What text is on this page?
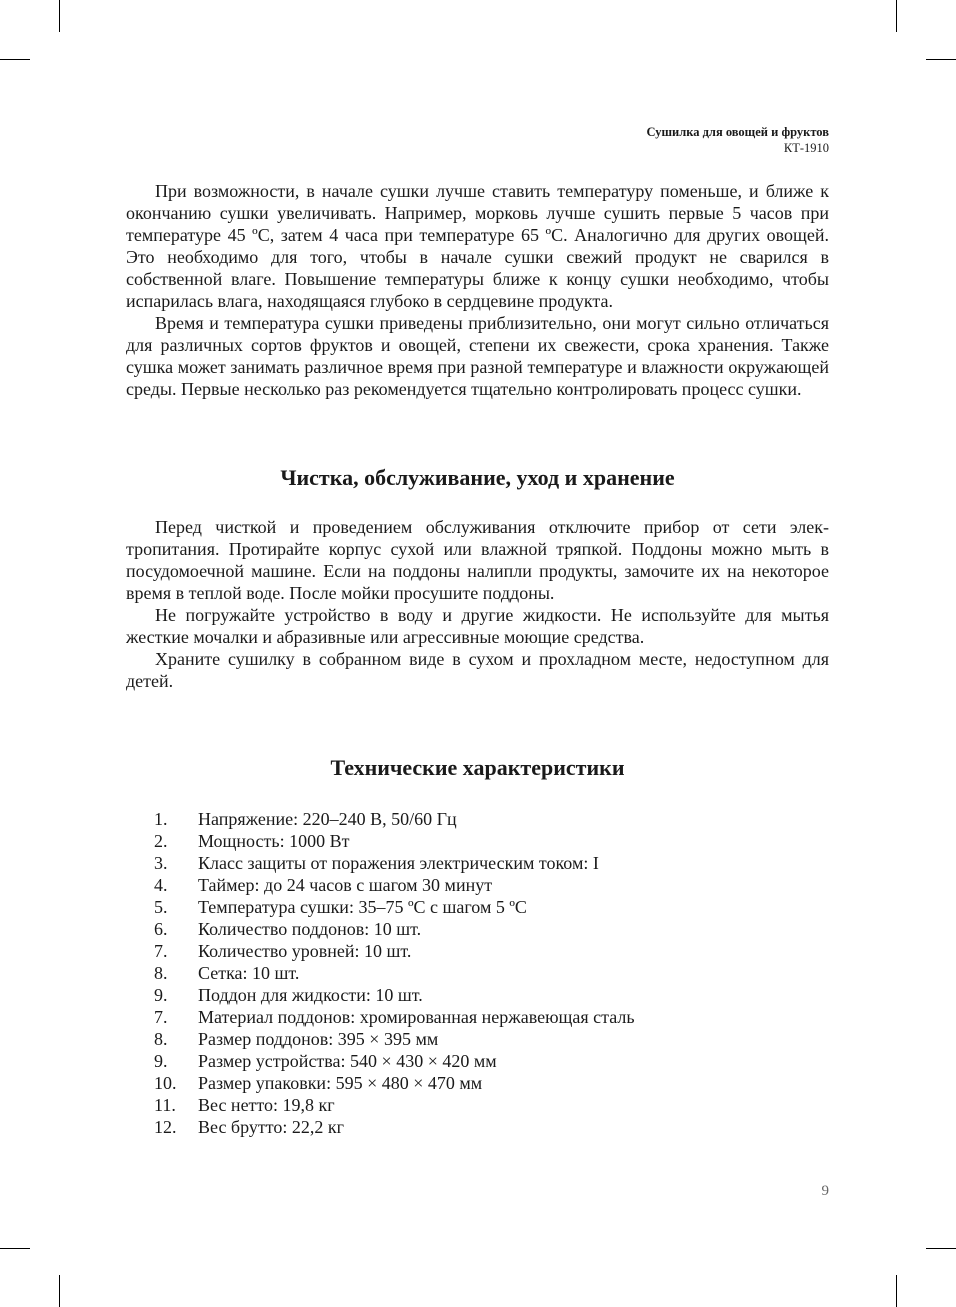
Сушилка для овощей и фруктов
КТ-1910

При возможности, в начале сушки лучше ставить температуру поменьше, и ближе к окончанию сушки увеличивать. Например, морковь лучше сушить первые 5 часов при температуре 45 ºС, затем 4 часа при температуре 65 ºС. Аналогично для других овощей. Это необходимо для того, чтобы в начале сушки свежий продукт не сварился в собственной влаге. Повышение температуры ближе к концу сушки необходимо, чтобы испарилась влага, находящаяся глубоко в сердцевине продукта.

Время и температура сушки приведены приблизительно, они могут сильно отличаться для различных сортов фруктов и овощей, степени их свежести, срока хранения. Также сушка может занимать различное время при разной температуре и влажности окружающей среды. Первые несколько раз рекомендуется тщательно контролировать процесс сушки.

Чистка, обслуживание, уход и хранение

Перед чисткой и проведением обслуживания отключите прибор от сети электропитания. Протирайте корпус сухой или влажной тряпкой. Поддоны можно мыть в посудомоечной машине. Если на поддоны налипли продукты, замочите их на некоторое время в теплой воде. После мойки просушите поддоны.

Не погружайте устройство в воду и другие жидкости. Не используйте для мытья жесткие мочалки и абразивные или агрессивные моющие средства.

Храните сушилку в собранном виде в сухом и прохладном месте, недоступном для детей.

Технические характеристики
1.	Напряжение: 220–240 В, 50/60 Гц
2.	Мощность: 1000 Вт
3.	Класс защиты от поражения электрическим током: I
4.	Таймер: до 24 часов с шагом 30 минут
5.	Температура сушки: 35–75 ºС с шагом 5 ºС
6.	Количество поддонов: 10 шт.
7.	Количество уровней: 10 шт.
8.	Сетка: 10 шт.
9.	Поддон для жидкости: 10 шт.
7.	Материал поддонов: хромированная нержавеющая сталь
8.	Размер поддонов: 395 × 395 мм
9.	Размер устройства: 540 × 430 × 420 мм
10.	Размер упаковки: 595 × 480 × 470 мм
11.	Вес нетто: 19,8 кг
12.	Вес брутто: 22,2 кг
9
